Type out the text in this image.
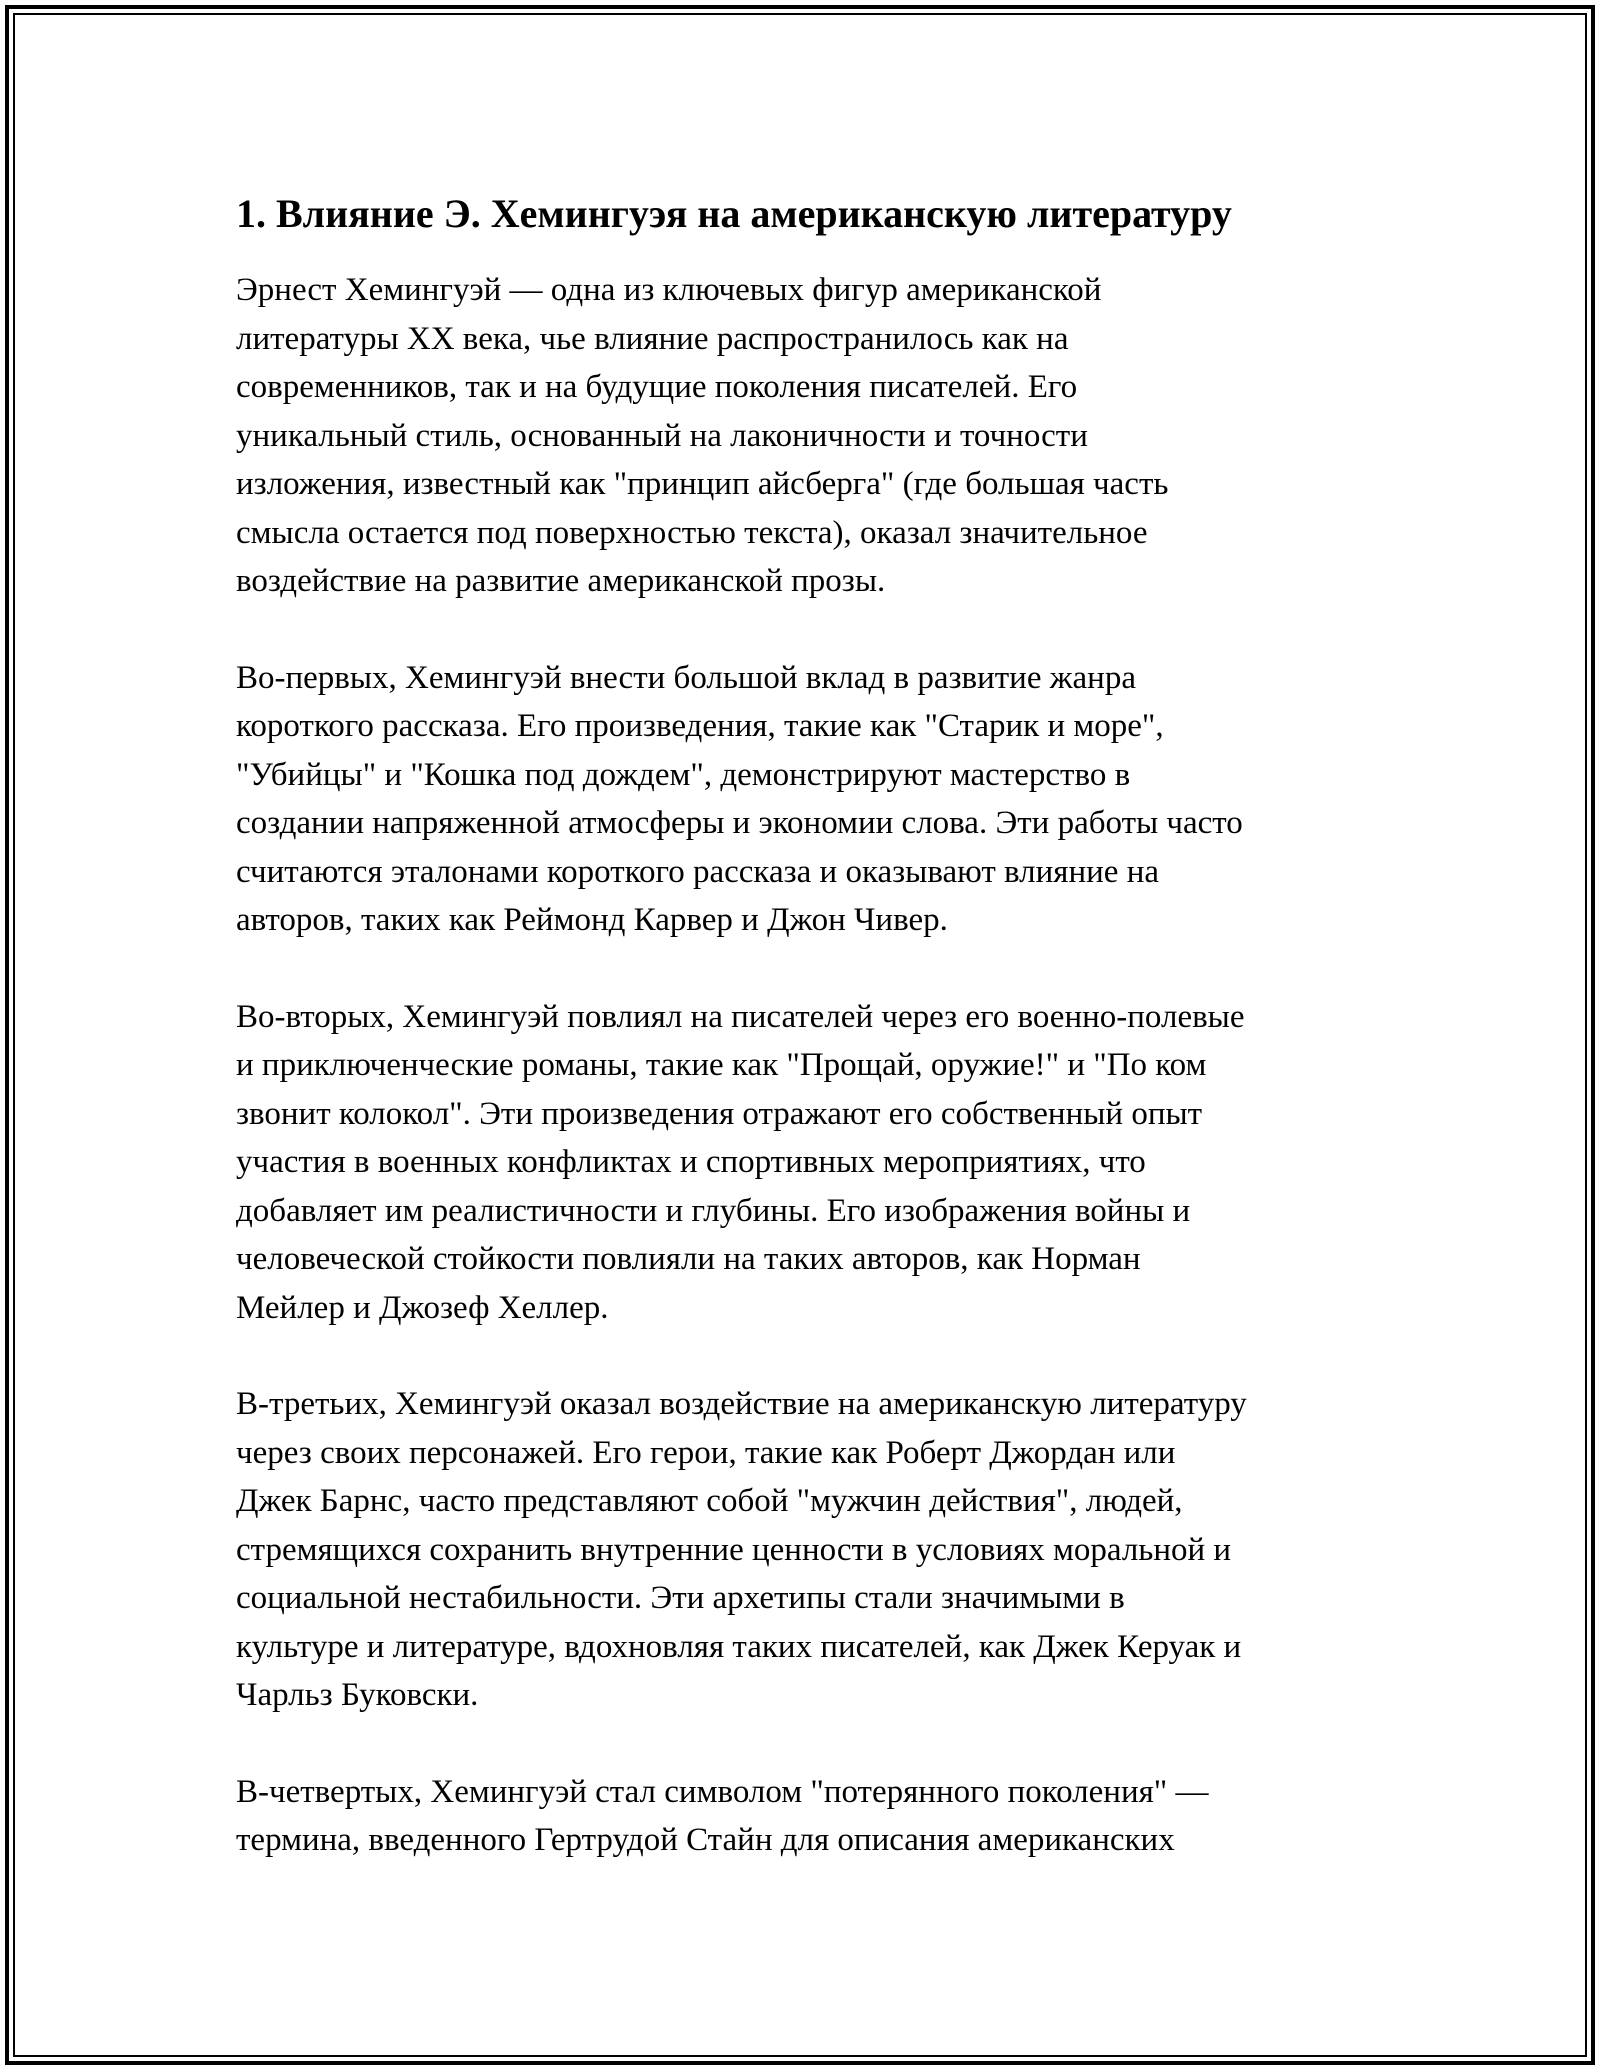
1. Влияние Э. Хемингуэя на американскую литературу

Эрнест Хемингуэй — одна из ключевых фигур американской
литературы XX века, чье влияние распространилось как на
современников, так и на будущие поколения писателей. Его
уникальный стиль, основанный на лаконичности и точности
изложения, известный как "принцип айсберга" (где большая часть
смысла остается под поверхностью текста), оказал значительное
воздействие на развитие американской прозы.

Во-первых, Хемингуэй внести большой вклад в развитие жанра
короткого рассказа. Его произведения, такие как "Старик и море",
"Убийцы" и "Кошка под дождем", демонстрируют мастерство в
создании напряженной атмосферы и экономии слова. Эти работы часто
считаются эталонами короткого рассказа и оказывают влияние на
авторов, таких как Реймонд Карвер и Джон Чивер.

Во-вторых, Хемингуэй повлиял на писателей через его военно-полевые
и приключенческие романы, такие как "Прощай, оружие!" и "По ком
звонит колокол". Эти произведения отражают его собственный опыт
участия в военных конфликтах и спортивных мероприятиях, что
добавляет им реалистичности и глубины. Его изображения войны и
человеческой стойкости повлияли на таких авторов, как Норман
Мейлер и Джозеф Хеллер.

В-третьих, Хемингуэй оказал воздействие на американскую литературу
через своих персонажей. Его герои, такие как Роберт Джордан или
Джек Барнс, часто представляют собой "мужчин действия", людей,
стремящихся сохранить внутренние ценности в условиях моральной и
социальной нестабильности. Эти архетипы стали значимыми в
культуре и литературе, вдохновляя таких писателей, как Джек Керуак и
Чарльз Буковски.

В-четвертых, Хемингуэй стал символом "потерянного поколения" —
термина, введенного Гертрудой Стайн для описания американских
